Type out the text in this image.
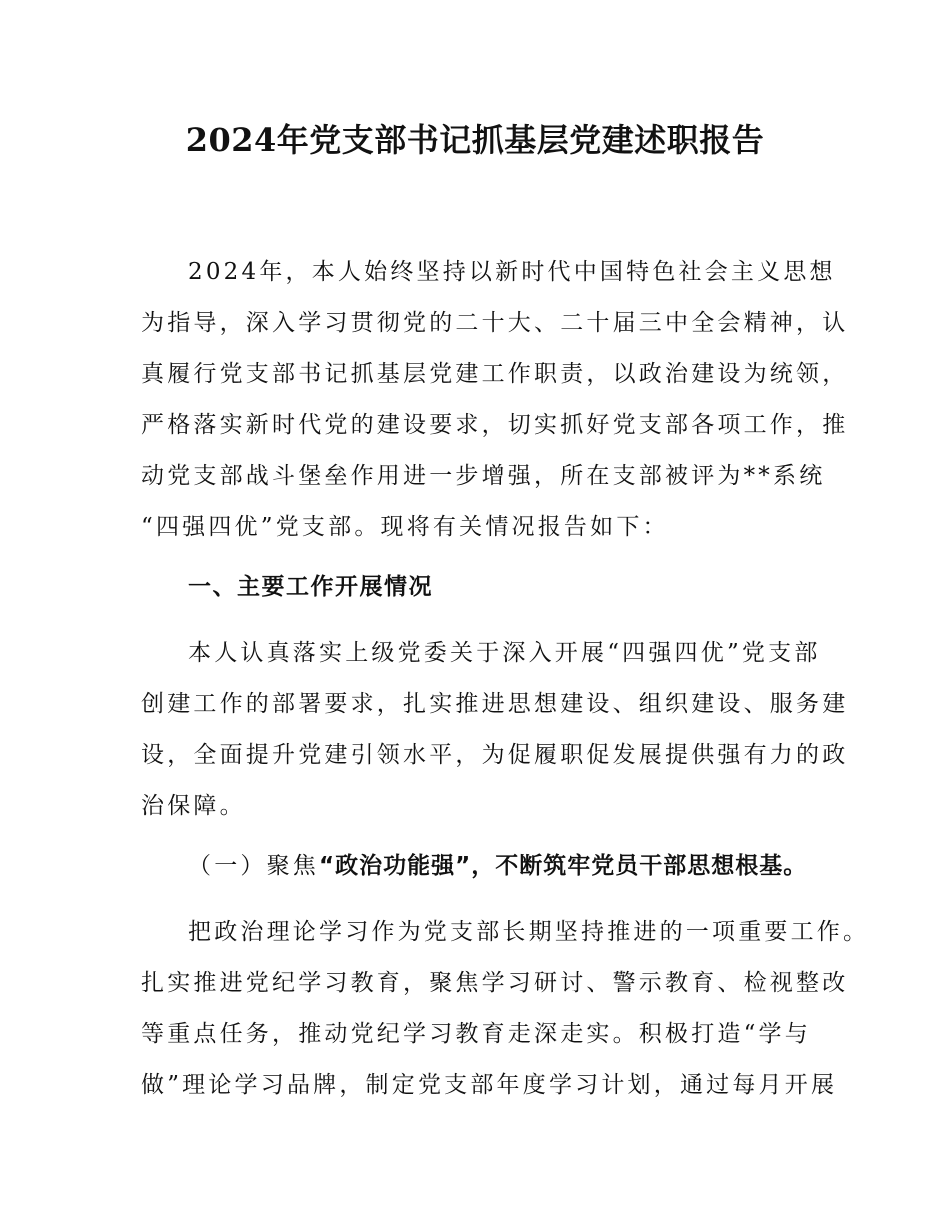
2024年党支部书记抓基层党建述职报告
2024年，本人始终坚持以新时代中国特色社会主义思想
为指导，深入学习贯彻党的二十大、二十届三中全会精神，认
真履行党支部书记抓基层党建工作职责，以政治建设为统领，
严格落实新时代党的建设要求，切实抓好党支部各项工作，推
动党支部战斗堡垒作用进一步增强，所在支部被评为**系统
“四强四优”党支部。现将有关情况报告如下：
一、主要工作开展情况
本人认真落实上级党委关于深入开展“四强四优”党支部
创建工作的部署要求，扎实推进思想建设、组织建设、服务建
设，全面提升党建引领水平，为促履职促发展提供强有力的政
治保障。
（一）聚焦“政治功能强”，不断筑牢党员干部思想根基。
把政治理论学习作为党支部长期坚持推进的一项重要工作。
扎实推进党纪学习教育，聚焦学习研讨、警示教育、检视整改
等重点任务，推动党纪学习教育走深走实。积极打造“学与
做”理论学习品牌，制定党支部年度学习计划，通过每月开展
